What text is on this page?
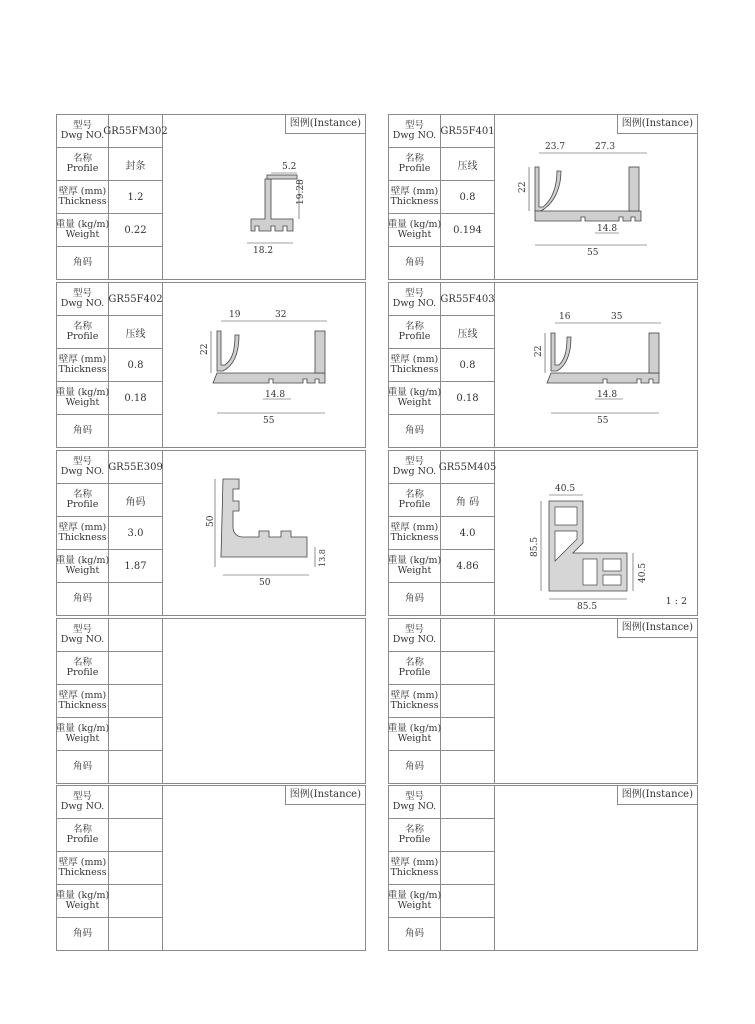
型号
Dwg NO. GR55FM302
名称
Profile	封条
壁厚 (mm)
Thickness	1.2
重量 (kg/m)
Weight	0.22
角码
图例(Instance)
5.2
19.28
18.2
型号
Dwg NO. GR55F401
名称
Profile	压线
壁厚 (mm)
Thickness	0.8
重量 (kg/m)
Weight	0.194
角码
图例(Instance)
23.7	27.3
22
14.8
55
型号
Dwg NO. GR55F402
名称
Profile	压线
壁厚 (mm)
Thickness	0.8
重量 (kg/m)
Weight	0.18
角码
19	32
22
14.8
55
型号
Dwg NO. GR55F403
名称
Profile	压线
壁厚 (mm)
Thickness	0.8
重量 (kg/m)
Weight	0.18
角码
16	35
22
14.8
55
型号
Dwg NO. GR55E309
名称
Profile	角码
壁厚 (mm)
Thickness	3.0
重量 (kg/m)
Weight	1.87
角码
50
50
13.8
型号
Dwg NO. GR55M405
名称
Profile	角 码
壁厚 (mm)
Thickness	4.0
重量 (kg/m)
Weight	4.86
角码
40.5
85.5
40.5
85.5	1 : 2
型号
Dwg NO.
名称
Profile
壁厚 (mm)
Thickness
重量 (kg/m)
Weight
角码
型号
Dwg NO.
名称
Profile
壁厚 (mm)
Thickness
重量 (kg/m)
Weight
角码
图例(Instance)
型号
Dwg NO.
名称
Profile
壁厚 (mm)
Thickness
重量 (kg/m)
Weight
角码
图例(Instance)	型号
Dwg NO.
名称
Profile
壁厚 (mm)
Thickness
重量 (kg/m)
Weight
角码
图例(Instance)
